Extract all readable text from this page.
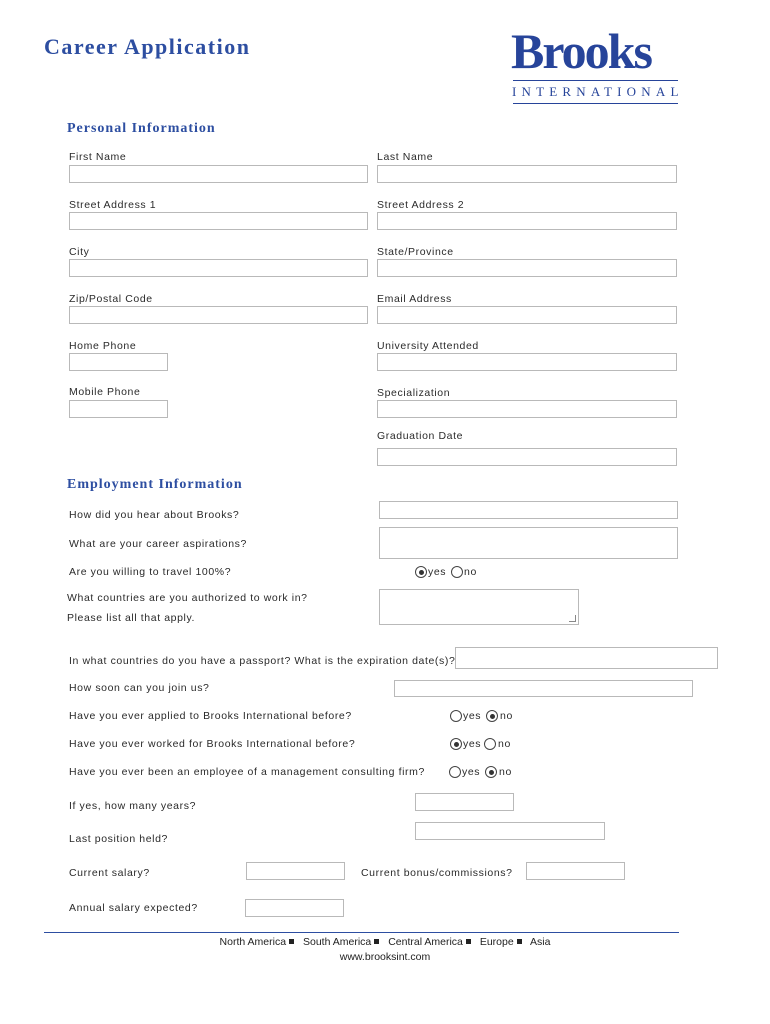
Career Application	Brooks
INTERNATIONAL
Personal Information
First Name	Last Name
Street Address 1	Street Address 2
City	State/Province
Zip/Postal Code	Email Address
Home Phone	University Attended
Mobile Phone	Specialization
Graduation Date
Employment Information
How did you hear about Brooks?
What are your career aspirations?
Are you willing to travel 100%?	yes no
What countries are you authorized to work in?
Please list all that apply.
In what countries do you have a passport? What is the expiration date(s)?
How soon can you join us?
Have you ever applied to Brooks International before?	yes no
Have you ever worked for Brooks International before?	yes no
Have you ever been an employee of a management consulting firm?	yes no
If yes, how many years?
Last position held?
Current salary?	Current bonus/commissions?
Annual salary expected?
North America South America Central America Europe Asia
www.brooksint.com
